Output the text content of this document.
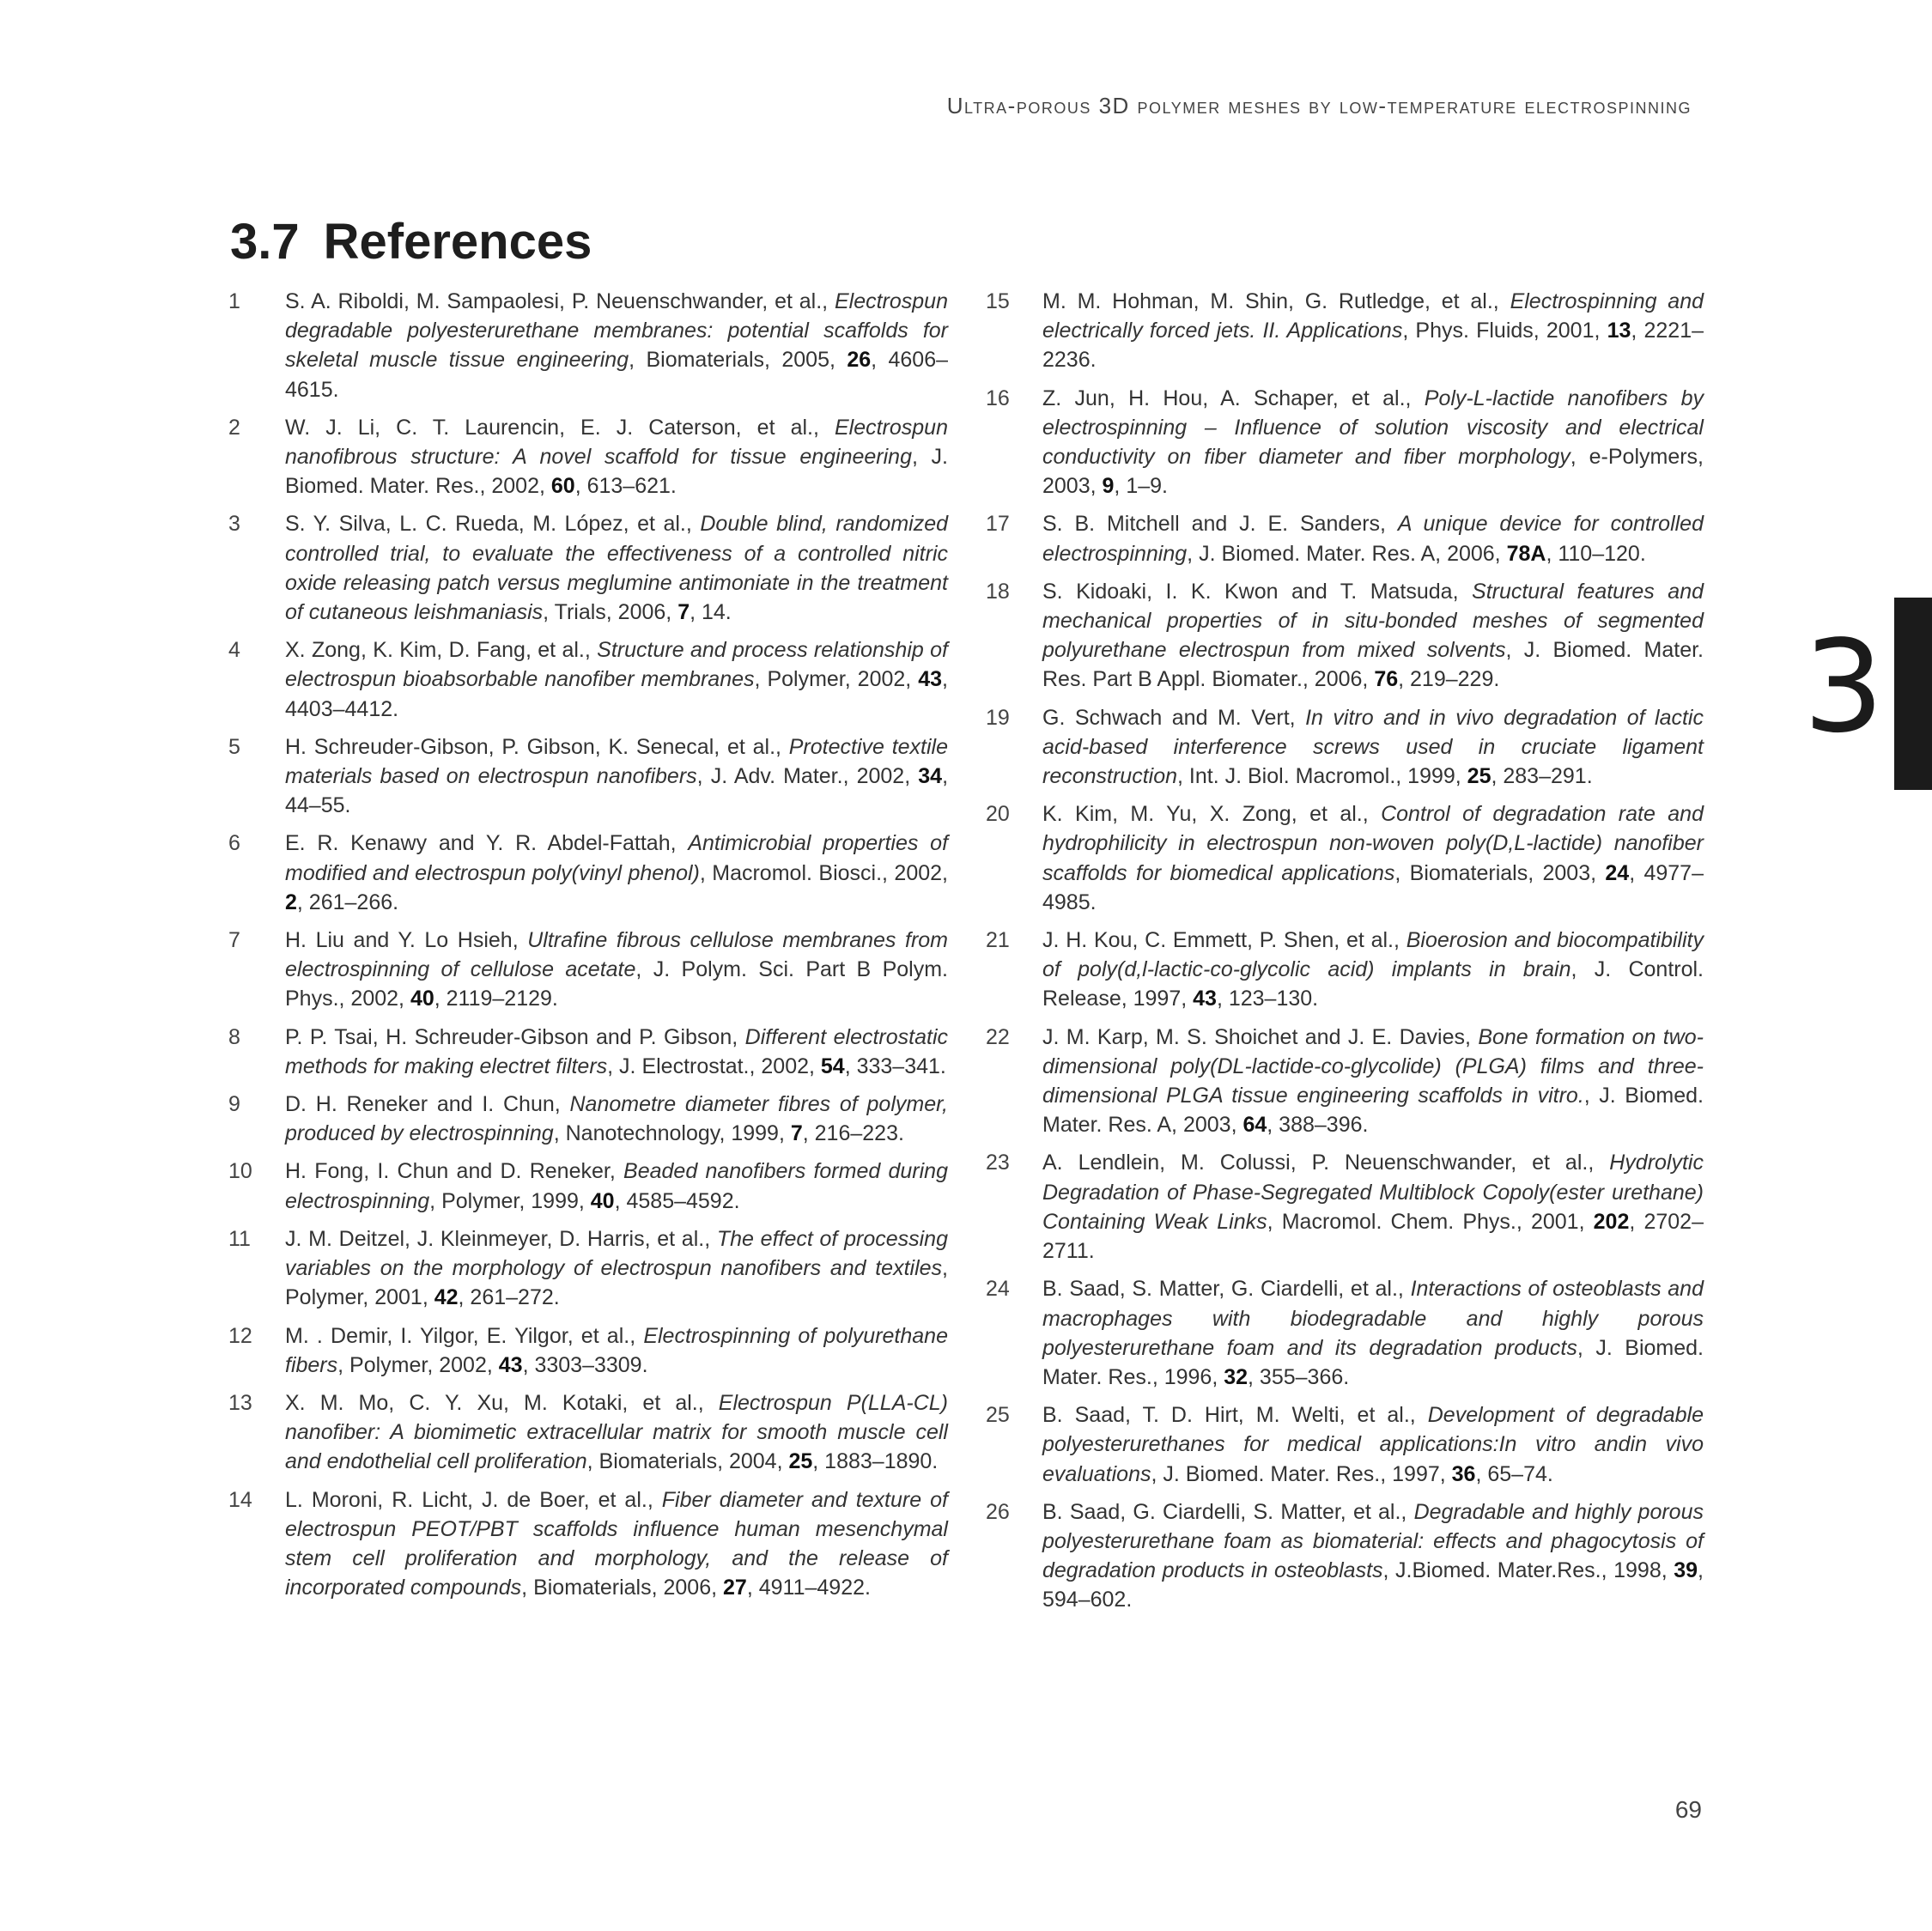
Ultra-porous 3D polymer meshes by low-temperature electrospinning
3.7 References
1	S. A. Riboldi, M. Sampaolesi, P. Neuenschwander, et al., Electrospun degradable polyesterurethane membranes: potential scaffolds for skeletal muscle tissue engineering, Biomaterials, 2005, 26, 4606–4615.
2	W. J. Li, C. T. Laurencin, E. J. Caterson, et al., Electrospun nanofibrous structure: A novel scaffold for tissue engineering, J. Biomed. Mater. Res., 2002, 60, 613–621.
3	S. Y. Silva, L. C. Rueda, M. López, et al., Double blind, randomized controlled trial, to evaluate the effectiveness of a controlled nitric oxide releasing patch versus meglumine antimoniate in the treatment of cutaneous leishmaniasis, Trials, 2006, 7, 14.
4	X. Zong, K. Kim, D. Fang, et al., Structure and process relationship of electrospun bioabsorbable nanofiber membranes, Polymer, 2002, 43, 4403–4412.
5	H. Schreuder-Gibson, P. Gibson, K. Senecal, et al., Protective textile materials based on electrospun nanofibers, J. Adv. Mater., 2002, 34, 44–55.
6	E. R. Kenawy and Y. R. Abdel-Fattah, Antimicrobial properties of modified and electrospun poly(vinyl phenol), Macromol. Biosci., 2002, 2, 261–266.
7	H. Liu and Y. Lo Hsieh, Ultrafine fibrous cellulose membranes from electrospinning of cellulose acetate, J. Polym. Sci. Part B Polym. Phys., 2002, 40, 2119–2129.
8	P. P. Tsai, H. Schreuder-Gibson and P. Gibson, Different electrostatic methods for making electret filters, J. Electrostat., 2002, 54, 333–341.
9	D. H. Reneker and I. Chun, Nanometre diameter fibres of polymer, produced by electrospinning, Nanotechnology, 1999, 7, 216–223.
10	H. Fong, I. Chun and D. Reneker, Beaded nanofibers formed during electrospinning, Polymer, 1999, 40, 4585–4592.
11	J. M. Deitzel, J. Kleinmeyer, D. Harris, et al., The effect of processing variables on the morphology of electrospun nanofibers and textiles, Polymer, 2001, 42, 261–272.
12	M. . Demir, I. Yilgor, E. Yilgor, et al., Electrospinning of polyurethane fibers, Polymer, 2002, 43, 3303–3309.
13	X. M. Mo, C. Y. Xu, M. Kotaki, et al., Electrospun P(LLA-CL) nanofiber: A biomimetic extracellular matrix for smooth muscle cell and endothelial cell proliferation, Biomaterials, 2004, 25, 1883–1890.
14	L. Moroni, R. Licht, J. de Boer, et al., Fiber diameter and texture of electrospun PEOT/PBT scaffolds influence human mesenchymal stem cell proliferation and morphology, and the release of incorporated compounds, Biomaterials, 2006, 27, 4911–4922.
15	M. M. Hohman, M. Shin, G. Rutledge, et al., Electrospinning and electrically forced jets. II. Applications, Phys. Fluids, 2001, 13, 2221–2236.
16	Z. Jun, H. Hou, A. Schaper, et al., Poly-L-lactide nanofibers by electrospinning – Influence of solution viscosity and electrical conductivity on fiber diameter and fiber morphology, e-Polymers, 2003, 9, 1–9.
17	S. B. Mitchell and J. E. Sanders, A unique device for controlled electrospinning, J. Biomed. Mater. Res. A, 2006, 78A, 110–120.
18	S. Kidoaki, I. K. Kwon and T. Matsuda, Structural features and mechanical properties of in situ-bonded meshes of segmented polyurethane electrospun from mixed solvents, J. Biomed. Mater. Res. Part B Appl. Biomater., 2006, 76, 219–229.
19	G. Schwach and M. Vert, In vitro and in vivo degradation of lactic acid-based interference screws used in cruciate ligament reconstruction, Int. J. Biol. Macromol., 1999, 25, 283–291.
20	K. Kim, M. Yu, X. Zong, et al., Control of degradation rate and hydrophilicity in electrospun non-woven poly(D,L-lactide) nanofiber scaffolds for biomedical applications, Biomaterials, 2003, 24, 4977–4985.
21	J. H. Kou, C. Emmett, P. Shen, et al., Bioerosion and biocompatibility of poly(d,l-lactic-co-glycolic acid) implants in brain, J. Control. Release, 1997, 43, 123–130.
22	J. M. Karp, M. S. Shoichet and J. E. Davies, Bone formation on two-dimensional poly(DL-lactide-co-glycolide) (PLGA) films and three-dimensional PLGA tissue engineering scaffolds in vitro., J. Biomed. Mater. Res. A, 2003, 64, 388–396.
23	A. Lendlein, M. Colussi, P. Neuenschwander, et al., Hydrolytic Degradation of Phase-Segregated Multiblock Copoly(ester urethane) Containing Weak Links, Macromol. Chem. Phys., 2001, 202, 2702–2711.
24	B. Saad, S. Matter, G. Ciardelli, et al., Interactions of osteoblasts and macrophages with biodegradable and highly porous polyesterurethane foam and its degradation products, J. Biomed. Mater. Res., 1996, 32, 355–366.
25	B. Saad, T. D. Hirt, M. Welti, et al., Development of degradable polyesterurethanes for medical applications:In vitro andin vivo evaluations, J. Biomed. Mater. Res., 1997, 36, 65–74.
26	B. Saad, G. Ciardelli, S. Matter, et al., Degradable and highly porous polyesterurethane foam as biomaterial: effects and phagocytosis of degradation products in osteoblasts, J.Biomed. Mater.Res., 1998, 39, 594–602.
3
69
